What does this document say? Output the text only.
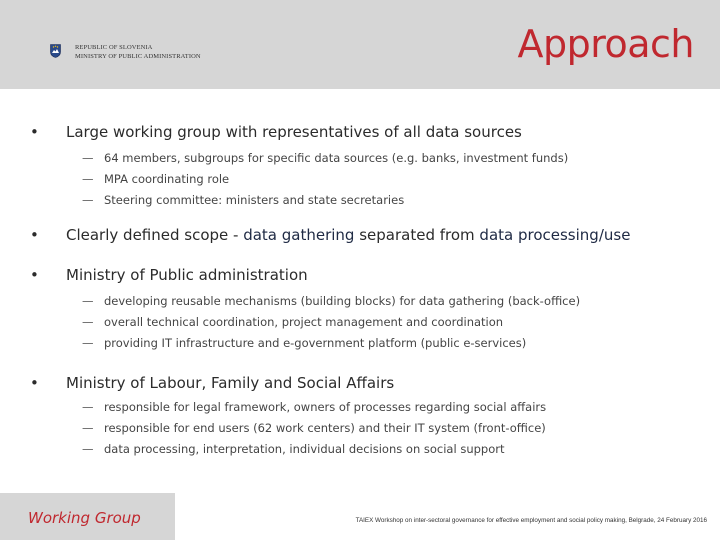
REPUBLIC OF SLOVENIA
MINISTRY OF PUBLIC ADMINISTRATION	Approach
• Large working group with representatives of all data sources
— 64 members, subgroups for specific data sources (e.g. banks, investment funds)
— MPA coordinating role
— Steering committee: ministers and state secretaries
• Clearly defined scope - data gathering separated from data processing/use
• Ministry of Public administration
— developing reusable mechanisms (building blocks) for data gathering (back-office)
— overall technical coordination, project management and coordination
— providing IT infrastructure and e-government platform (public e-services)
• Ministry of Labour, Family and Social Affairs
— responsible for legal framework, owners of processes regarding social affairs
— responsible for end users (62 work centers) and their IT system (front-office)
— data processing, interpretation, individual decisions on social support
Working Group	TAIEX Workshop on inter-sectoral governance for effective employment and social policy making, Belgrade, 24 February 2016
